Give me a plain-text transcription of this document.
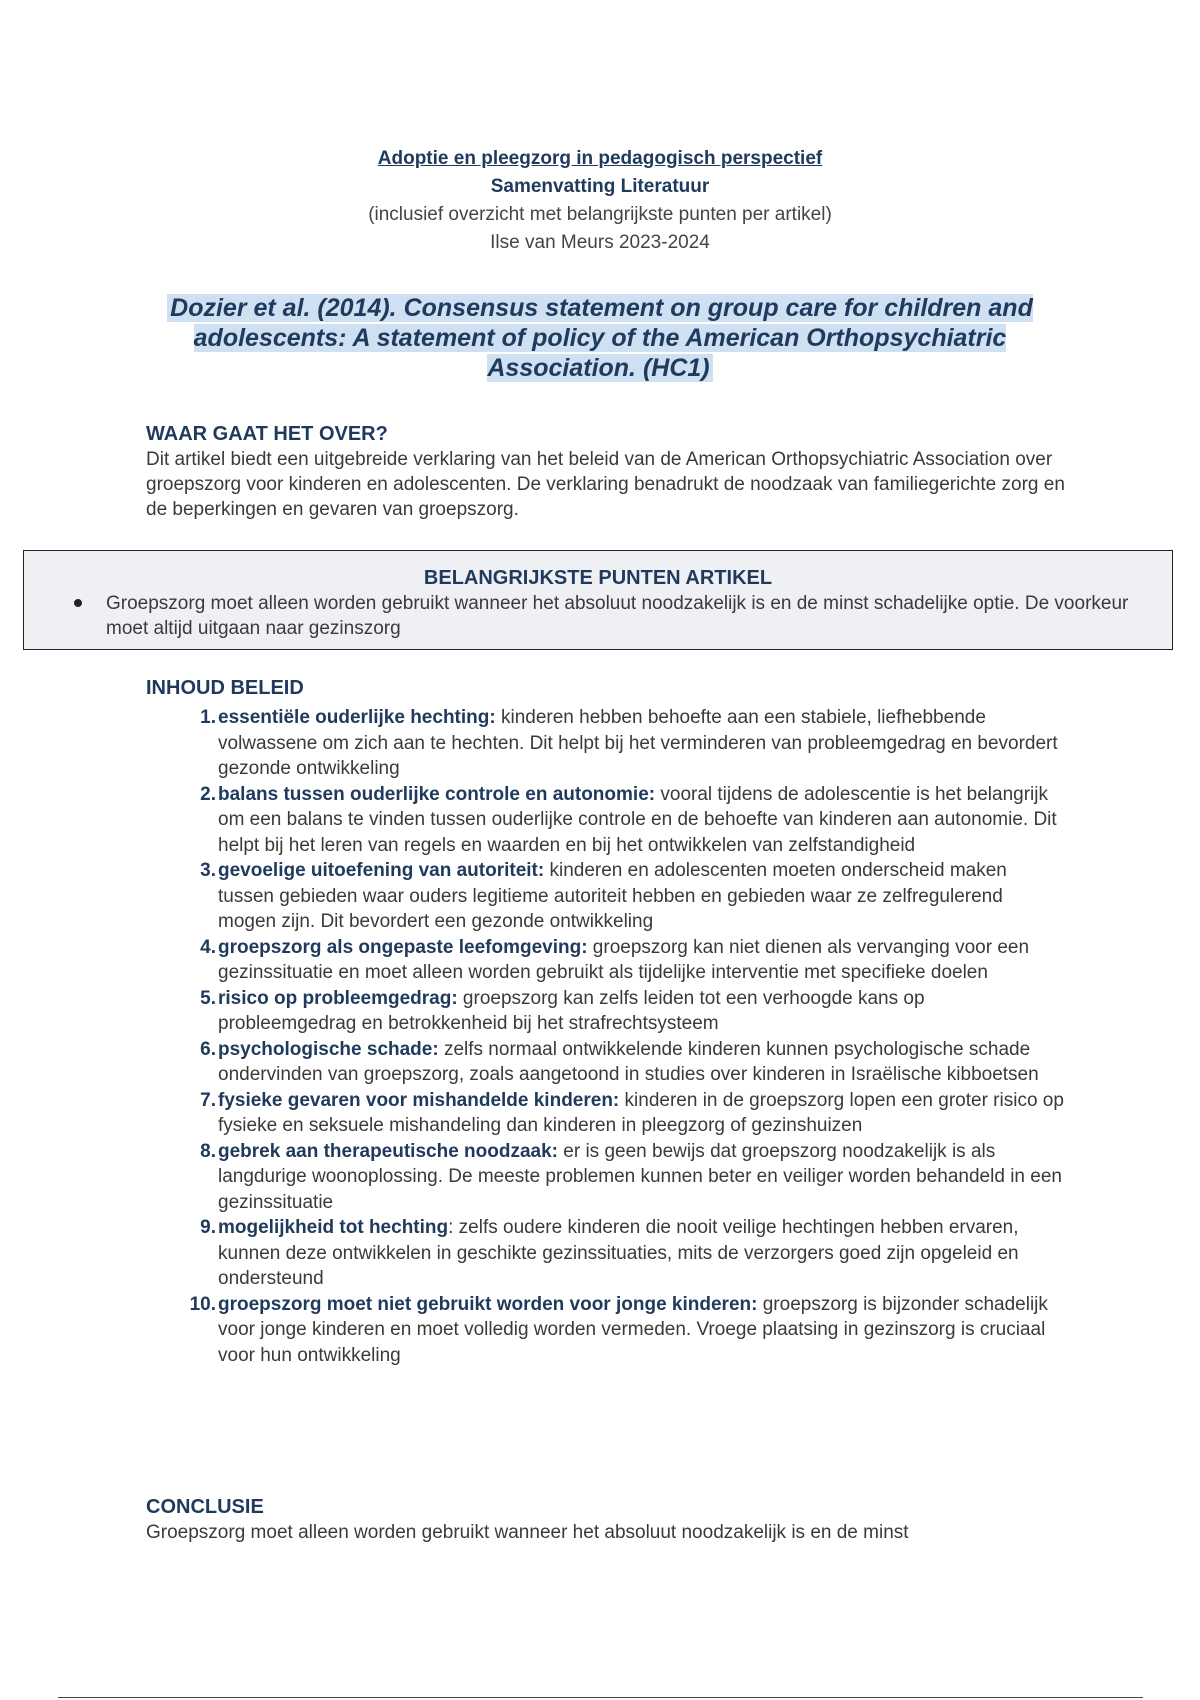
Adoptie en pleegzorg in pedagogisch perspectief
Samenvatting Literatuur
(inclusief overzicht met belangrijkste punten per artikel)
Ilse van Meurs 2023-2024
Dozier et al. (2014). Consensus statement on group care for children and adolescents: A statement of policy of the American Orthopsychiatric Association. (HC1)
WAAR GAAT HET OVER?
Dit artikel biedt een uitgebreide verklaring van het beleid van de American Orthopsychiatric Association over groepszorg voor kinderen en adolescenten. De verklaring benadrukt de noodzaak van familiegerichte zorg en de beperkingen en gevaren van groepszorg.
BELANGRIJKSTE PUNTEN ARTIKEL
Groepszorg moet alleen worden gebruikt wanneer het absoluut noodzakelijk is en de minst schadelijke optie. De voorkeur moet altijd uitgaan naar gezinszorg
INHOUD BELEID
1. essentiële ouderlijke hechting: kinderen hebben behoefte aan een stabiele, liefhebbende volwassene om zich aan te hechten. Dit helpt bij het verminderen van probleemgedrag en bevordert gezonde ontwikkeling
2. balans tussen ouderlijke controle en autonomie: vooral tijdens de adolescentie is het belangrijk om een balans te vinden tussen ouderlijke controle en de behoefte van kinderen aan autonomie. Dit helpt bij het leren van regels en waarden en bij het ontwikkelen van zelfstandigheid
3. gevoelige uitoefening van autoriteit: kinderen en adolescenten moeten onderscheid maken tussen gebieden waar ouders legitieme autoriteit hebben en gebieden waar ze zelfregulerend mogen zijn. Dit bevordert een gezonde ontwikkeling
4. groepszorg als ongepaste leefomgeving: groepszorg kan niet dienen als vervanging voor een gezinssituatie en moet alleen worden gebruikt als tijdelijke interventie met specifieke doelen
5. risico op probleemgedrag: groepszorg kan zelfs leiden tot een verhoogde kans op probleemgedrag en betrokkenheid bij het strafrechtsysteem
6. psychologische schade: zelfs normaal ontwikkelende kinderen kunnen psychologische schade ondervinden van groepszorg, zoals aangetoond in studies over kinderen in Israëlische kibboetsen
7. fysieke gevaren voor mishandelde kinderen: kinderen in de groepszorg lopen een groter risico op fysieke en seksuele mishandeling dan kinderen in pleegzorg of gezinshuizen
8. gebrek aan therapeutische noodzaak: er is geen bewijs dat groepszorg noodzakelijk is als langdurige woonoplossing. De meeste problemen kunnen beter en veiliger worden behandeld in een gezinssituatie
9. mogelijkheid tot hechting: zelfs oudere kinderen die nooit veilige hechtingen hebben ervaren, kunnen deze ontwikkelen in geschikte gezinssituaties, mits de verzorgers goed zijn opgeleid en ondersteund
10. groepszorg moet niet gebruikt worden voor jonge kinderen: groepszorg is bijzonder schadelijk voor jonge kinderen en moet volledig worden vermeden. Vroege plaatsing in gezinszorg is cruciaal voor hun ontwikkeling
CONCLUSIE
Groepszorg moet alleen worden gebruikt wanneer het absoluut noodzakelijk is en de minst
